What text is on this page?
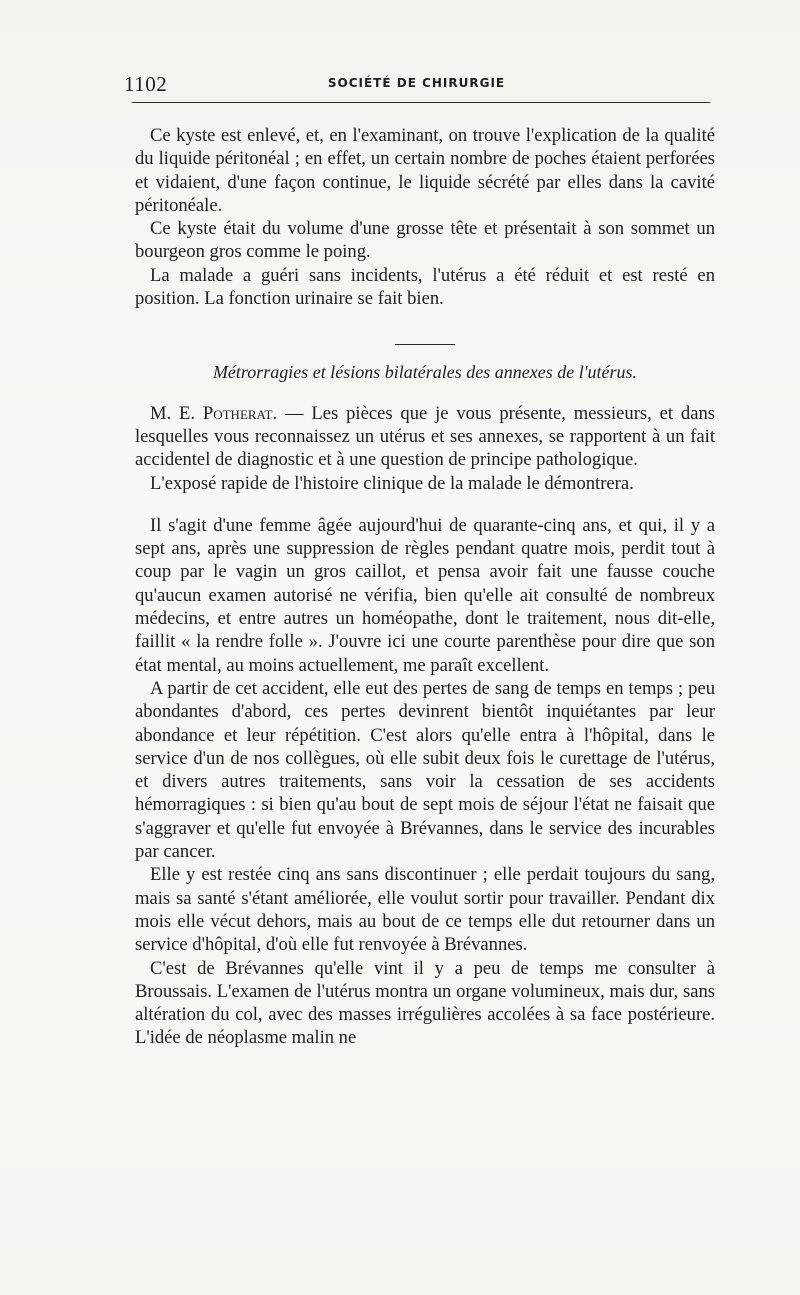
1102	SOCIÉTÉ DE CHIRURGIE

Ce kyste est enlevé, et, en l'examinant, on trouve l'explication de la qualité du liquide péritonéal ; en effet, un certain nombre de poches étaient perforées et vidaient, d'une façon continue, le liquide sécrété par elles dans la cavité péritonéale.

Ce kyste était du volume d'une grosse tête et présentait à son sommet un bourgeon gros comme le poing.

La malade a guéri sans incidents, l'utérus a été réduit et est resté en position. La fonction urinaire se fait bien.

Métrorragies et lésions bilatérales des annexes de l'utérus.

M. E. Potherat. — Les pièces que je vous présente, messieurs, et dans lesquelles vous reconnaissez un utérus et ses annexes, se rapportent à un fait accidentel de diagnostic et à une question de principe pathologique.

L'exposé rapide de l'histoire clinique de la malade le démontrera.

Il s'agit d'une femme âgée aujourd'hui de quarante-cinq ans, et qui, il y a sept ans, après une suppression de règles pendant quatre mois, perdit tout à coup par le vagin un gros caillot, et pensa avoir fait une fausse couche qu'aucun examen autorisé ne vérifia, bien qu'elle ait consulté de nombreux médecins, et entre autres un homéopathe, dont le traitement, nous dit-elle, faillit « la rendre folle ». J'ouvre ici une courte parenthèse pour dire que son état mental, au moins actuellement, me paraît excellent.

A partir de cet accident, elle eut des pertes de sang de temps en temps ; peu abondantes d'abord, ces pertes devinrent bientôt inquiétantes par leur abondance et leur répétition. C'est alors qu'elle entra à l'hôpital, dans le service d'un de nos collègues, où elle subit deux fois le curettage de l'utérus, et divers autres traitements, sans voir la cessation de ses accidents hémorragiques : si bien qu'au bout de sept mois de séjour l'état ne faisait que s'aggraver et qu'elle fut envoyée à Brévannes, dans le service des incurables par cancer.

Elle y est restée cinq ans sans discontinuer ; elle perdait toujours du sang, mais sa santé s'étant améliorée, elle voulut sortir pour travailler. Pendant dix mois elle vécut dehors, mais au bout de ce temps elle dut retourner dans un service d'hôpital, d'où elle fut renvoyée à Brévannes.

C'est de Brévannes qu'elle vint il y a peu de temps me consulter à Broussais. L'examen de l'utérus montra un organe volumineux, mais dur, sans altération du col, avec des masses irrégulières accolées à sa face postérieure. L'idée de néoplasme malin ne
